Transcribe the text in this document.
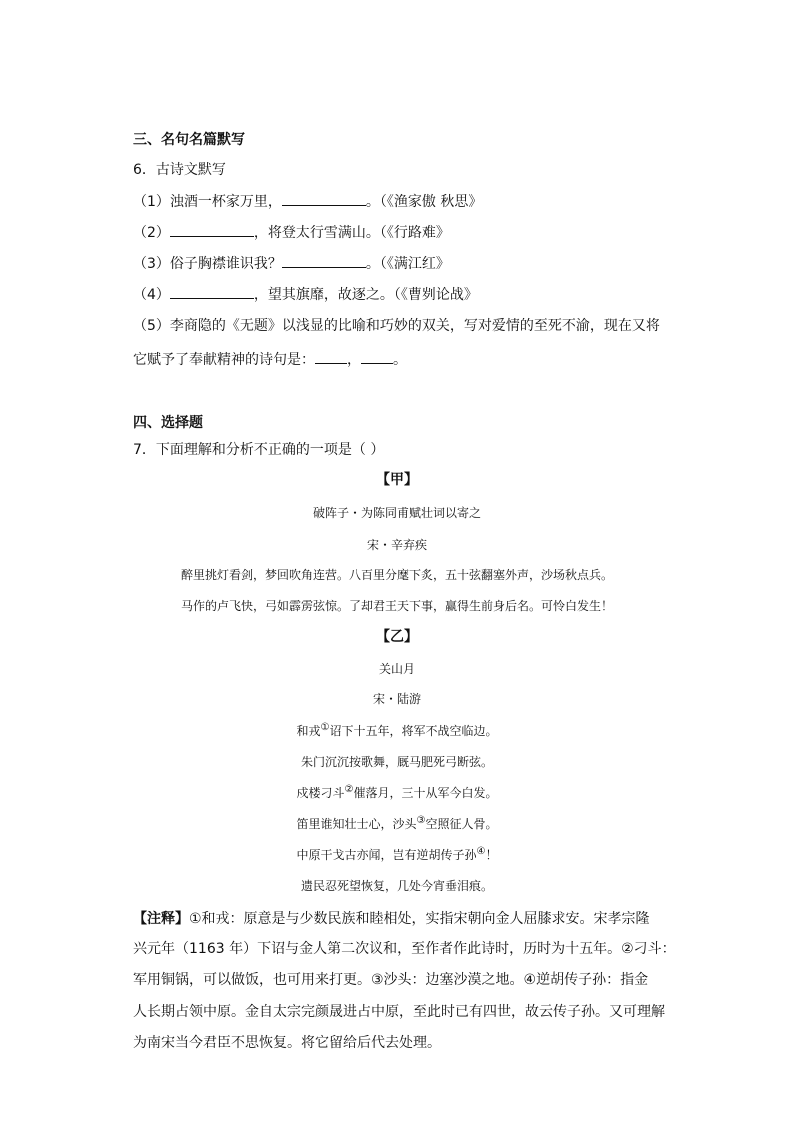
三、名句名篇默写
6．古诗文默写
（1）浊酒一杯家万里，	。（《渔家傲 秋思》
（2）	，将登太行雪满山。（《行路难》
（3）俗子胸襟谁识我？	。（《满江红》
（4）	，望其旗靡，故逐之。（《曹刿论战》
（5）李商隐的《无题》以浅显的比喻和巧妙的双关，写对爱情的至死不渝，现在又将
它赋予了奉献精神的诗句是： ， 。
四、选择题
7．下面理解和分析不正确的一项是（ ）
【甲】
破阵子・为陈同甫赋壮词以寄之
宋・辛弃疾
醉里挑灯看剑，梦回吹角连营。八百里分麾下炙，五十弦翻塞外声，沙场秋点兵。
马作的卢飞快，弓如霹雳弦惊。了却君王天下事，赢得生前身后名。可怜白发生！
【乙】
关山月
宋・陆游
和戎①诏下十五年，将军不战空临边。
朱门沉沉按歌舞，厩马肥死弓断弦。
戍楼刁斗②催落月，三十从军今白发。
笛里谁知壮士心，沙头③空照征人骨。
中原干戈古亦闻，岂有逆胡传子孙④！
遗民忍死望恢复，几处今宵垂泪痕。
【注释】①和戎：原意是与少数民族和睦相处，实指宋朝向金人屈膝求安。宋孝宗隆
兴元年（1163 年）下诏与金人第二次议和，至作者作此诗时，历时为十五年。②刁斗：
军用铜锅，可以做饭，也可用来打更。③沙头：边塞沙漠之地。④逆胡传子孙：指金
人长期占领中原。金自太宗完颜晟进占中原，至此时已有四世，故云传子孙。又可理解
为南宋当今君臣不思恢复。将它留给后代去处理。
